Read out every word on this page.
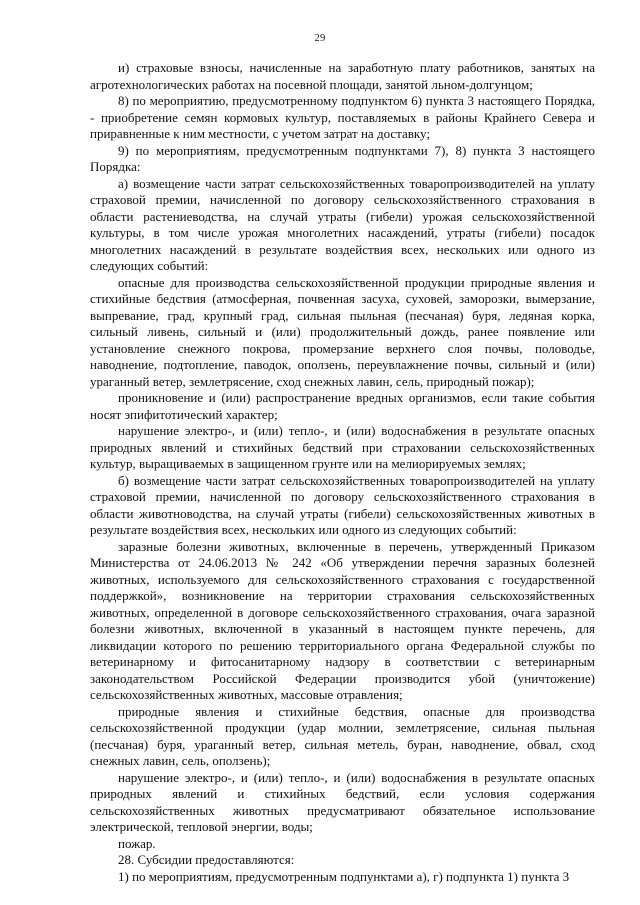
29

и) страховые взносы, начисленные на заработную плату работников, занятых на агротехнологических работах на посевной площади, занятой льном-долгунцом;

8) по мероприятию, предусмотренному подпунктом 6) пункта 3 настоящего Порядка, - приобретение семян кормовых культур, поставляемых в районы Крайнего Севера и приравненные к ним местности, с учетом затрат на доставку;

9) по мероприятиям, предусмотренным подпунктами 7), 8) пункта 3 настоящего Порядка:

а) возмещение части затрат сельскохозяйственных товаропроизводителей на уплату страховой премии, начисленной по договору сельскохозяйственного страхования в области растениеводства, на случай утраты (гибели) урожая сельскохозяйственной культуры, в том числе урожая многолетних насаждений, утраты (гибели) посадок многолетних насаждений в результате воздействия всех, нескольких или одного из следующих событий:

опасные для производства сельскохозяйственной продукции природные явления и стихийные бедствия (атмосферная, почвенная засуха, суховей, заморозки, вымерзание, выпревание, град, крупный град, сильная пыльная (песчаная) буря, ледяная корка, сильный ливень, сильный и (или) продолжительный дождь, ранее появление или установление снежного покрова, промерзание верхнего слоя почвы, половодье, наводнение, подтопление, паводок, оползень, переувлажнение почвы, сильный и (или) ураганный ветер, землетрясение, сход снежных лавин, сель, природный пожар);

проникновение и (или) распространение вредных организмов, если такие события носят эпифитотический характер;

нарушение электро-, и (или) тепло-, и (или) водоснабжения в результате опасных природных явлений и стихийных бедствий при страховании сельскохозяйственных культур, выращиваемых в защищенном грунте или на мелиорируемых землях;

б) возмещение части затрат сельскохозяйственных товаропроизводителей на уплату страховой премии, начисленной по договору сельскохозяйственного страхования в области животноводства, на случай утраты (гибели) сельскохозяйственных животных в результате воздействия всех, нескольких или одного из следующих событий:

заразные болезни животных, включенные в перечень, утвержденный Приказом Министерства от 24.06.2013 № 242 «Об утверждении перечня заразных болезней животных, используемого для сельскохозяйственного страхования с государственной поддержкой», возникновение на территории страхования сельскохозяйственных животных, определенной в договоре сельскохозяйственного страхования, очага заразной болезни животных, включенной в указанный в настоящем пункте перечень, для ликвидации которого по решению территориального органа Федеральной службы по ветеринарному и фитосанитарному надзору в соответствии с ветеринарным законодательством Российской Федерации производится убой (уничтожение) сельскохозяйственных животных, массовые отравления;

природные явления и стихийные бедствия, опасные для производства сельскохозяйственной продукции (удар молнии, землетрясение, сильная пыльная (песчаная) буря, ураганный ветер, сильная метель, буран, наводнение, обвал, сход снежных лавин, сель, оползень);

нарушение электро-, и (или) тепло-, и (или) водоснабжения в результате опасных природных явлений и стихийных бедствий, если условия содержания сельскохозяйственных животных предусматривают обязательное использование электрической, тепловой энергии, воды;

пожар.

28. Субсидии предоставляются:

1) по мероприятиям, предусмотренным подпунктами а), г) подпункта 1) пункта 3
